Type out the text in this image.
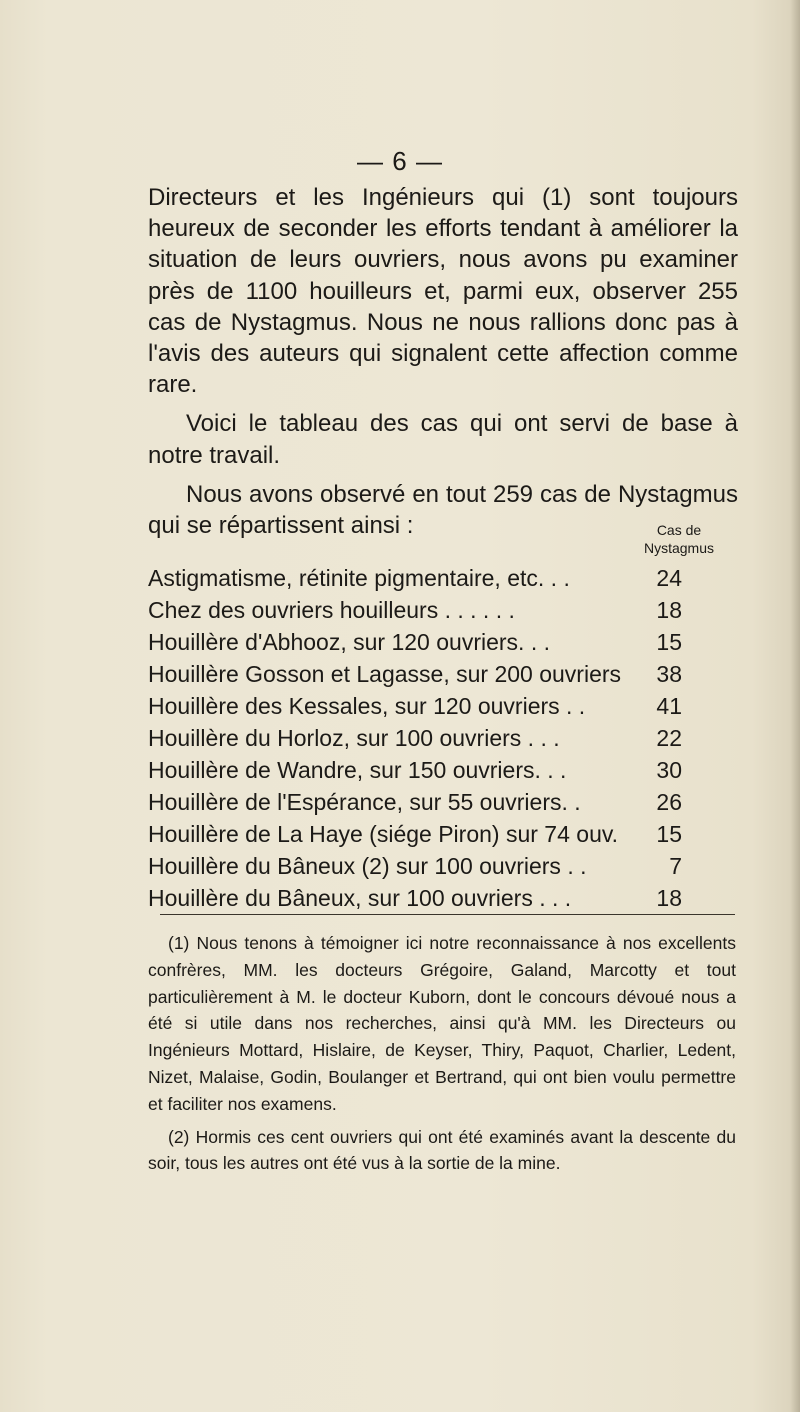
— 6 —

Directeurs et les Ingénieurs qui (1) sont toujours heureux de seconder les efforts tendant à améliorer la situation de leurs ouvriers, nous avons pu examiner près de 1100 houilleurs et, parmi eux, observer 255 cas de Nystagmus. Nous ne nous rallions donc pas à l'avis des auteurs qui signalent cette affection comme rare.

Voici le tableau des cas qui ont servi de base à notre travail.

Nous avons observé en tout 259 cas de Nystagmus qui se répartissent ainsi :	Cas de
Nystagmus
Astigmatisme, rétinite pigmentaire, etc. . .	24
Chez des ouvriers houilleurs . . . . . .	18
Houillère d'Abhooz, sur 120 ouvriers. . .	15
Houillère Gosson et Lagasse, sur 200 ouvriers	38
Houillère des Kessales, sur 120 ouvriers . .	41
Houillère du Horloz, sur 100 ouvriers . . .	22
Houillère de Wandre, sur 150 ouvriers. . .	30
Houillère de l'Espérance, sur 55 ouvriers. .	26
Houillère de La Haye (siége Piron) sur 74 ouv.	15
Houillère du Bâneux (2) sur 100 ouvriers . .	7
Houillère du Bâneux, sur 100 ouvriers . . .	18

(1) Nous tenons à témoigner ici notre reconnaissance à nos excellents confrères, MM. les docteurs Grégoire, Galand, Marcotty et tout particulièrement à M. le docteur Kuborn, dont le concours dévoué nous a été si utile dans nos recherches, ainsi qu'à MM. les Directeurs ou Ingénieurs Mottard, Hislaire, de Keyser, Thiry, Paquot, Charlier, Ledent, Nizet, Malaise, Godin, Boulanger et Bertrand, qui ont bien voulu permettre et faciliter nos examens.

(2) Hormis ces cent ouvriers qui ont été examinés avant la descente du soir, tous les autres ont été vus à la sortie de la mine.
